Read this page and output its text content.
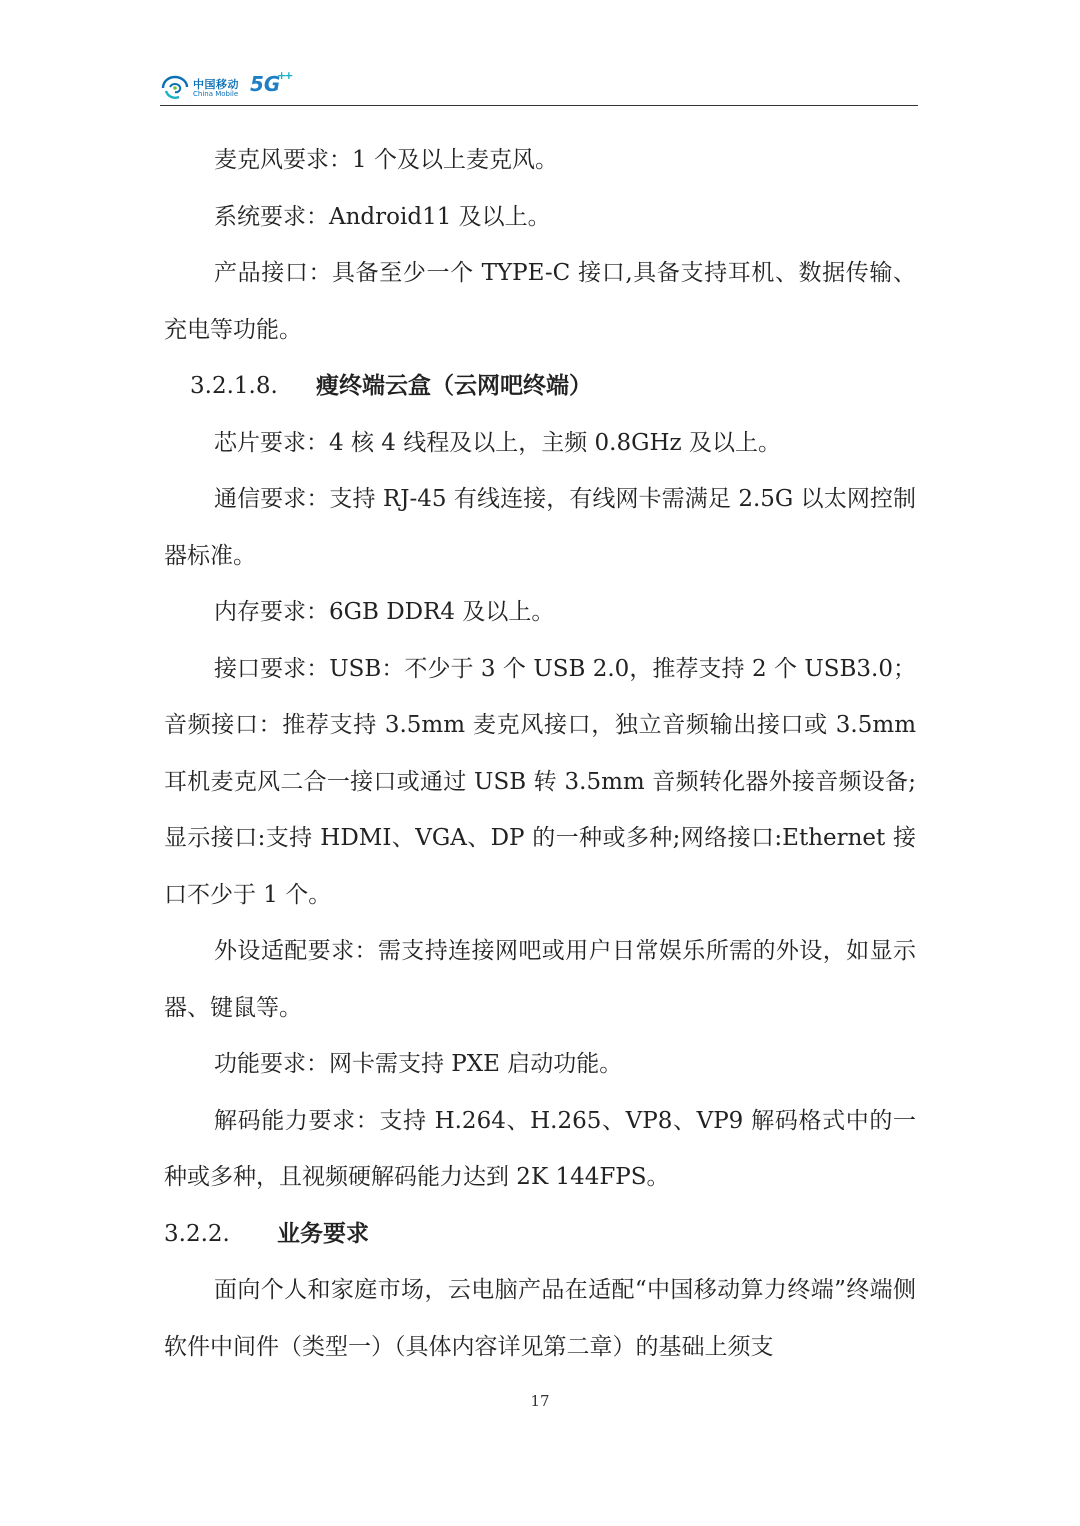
中国移动
China Mobile 5G
++

麦克风要求：1 个及以上麦克风。

系统要求：Android11 及以上。

产品接口：具备至少一个 TYPE-C 接口,具备支持耳机、数据传输、充电等功能。

3.2.1.8. 瘦终端云盒（云网吧终端）

芯片要求：4 核 4 线程及以上，主频 0.8GHz 及以上。

通信要求：支持 RJ-45 有线连接，有线网卡需满足 2.5G 以太网控制器标准。

内存要求：6GB DDR4 及以上。

接口要求：USB：不少于 3 个 USB 2.0，推荐支持 2 个 USB3.0；音频接口：推荐支持 3.5mm 麦克风接口，独立音频输出接口或 3.5mm 耳机麦克风二合一接口或通过 USB 转 3.5mm 音频转化器外接音频设备;显示接口:支持 HDMI、VGA、DP 的一种或多种;网络接口:Ethernet 接口不少于 1 个。

外设适配要求：需支持连接网吧或用户日常娱乐所需的外设，如显示器、键鼠等。

功能要求：网卡需支持 PXE 启动功能。

解码能力要求：支持 H.264、H.265、VP8、VP9 解码格式中的一种或多种，且视频硬解码能力达到 2K 144FPS。

3.2.2. 业务要求

面向个人和家庭市场，云电脑产品在适配“中国移动算力终端”终端侧软件中间件（类型一）（具体内容详见第二章）的基础上须支

17
